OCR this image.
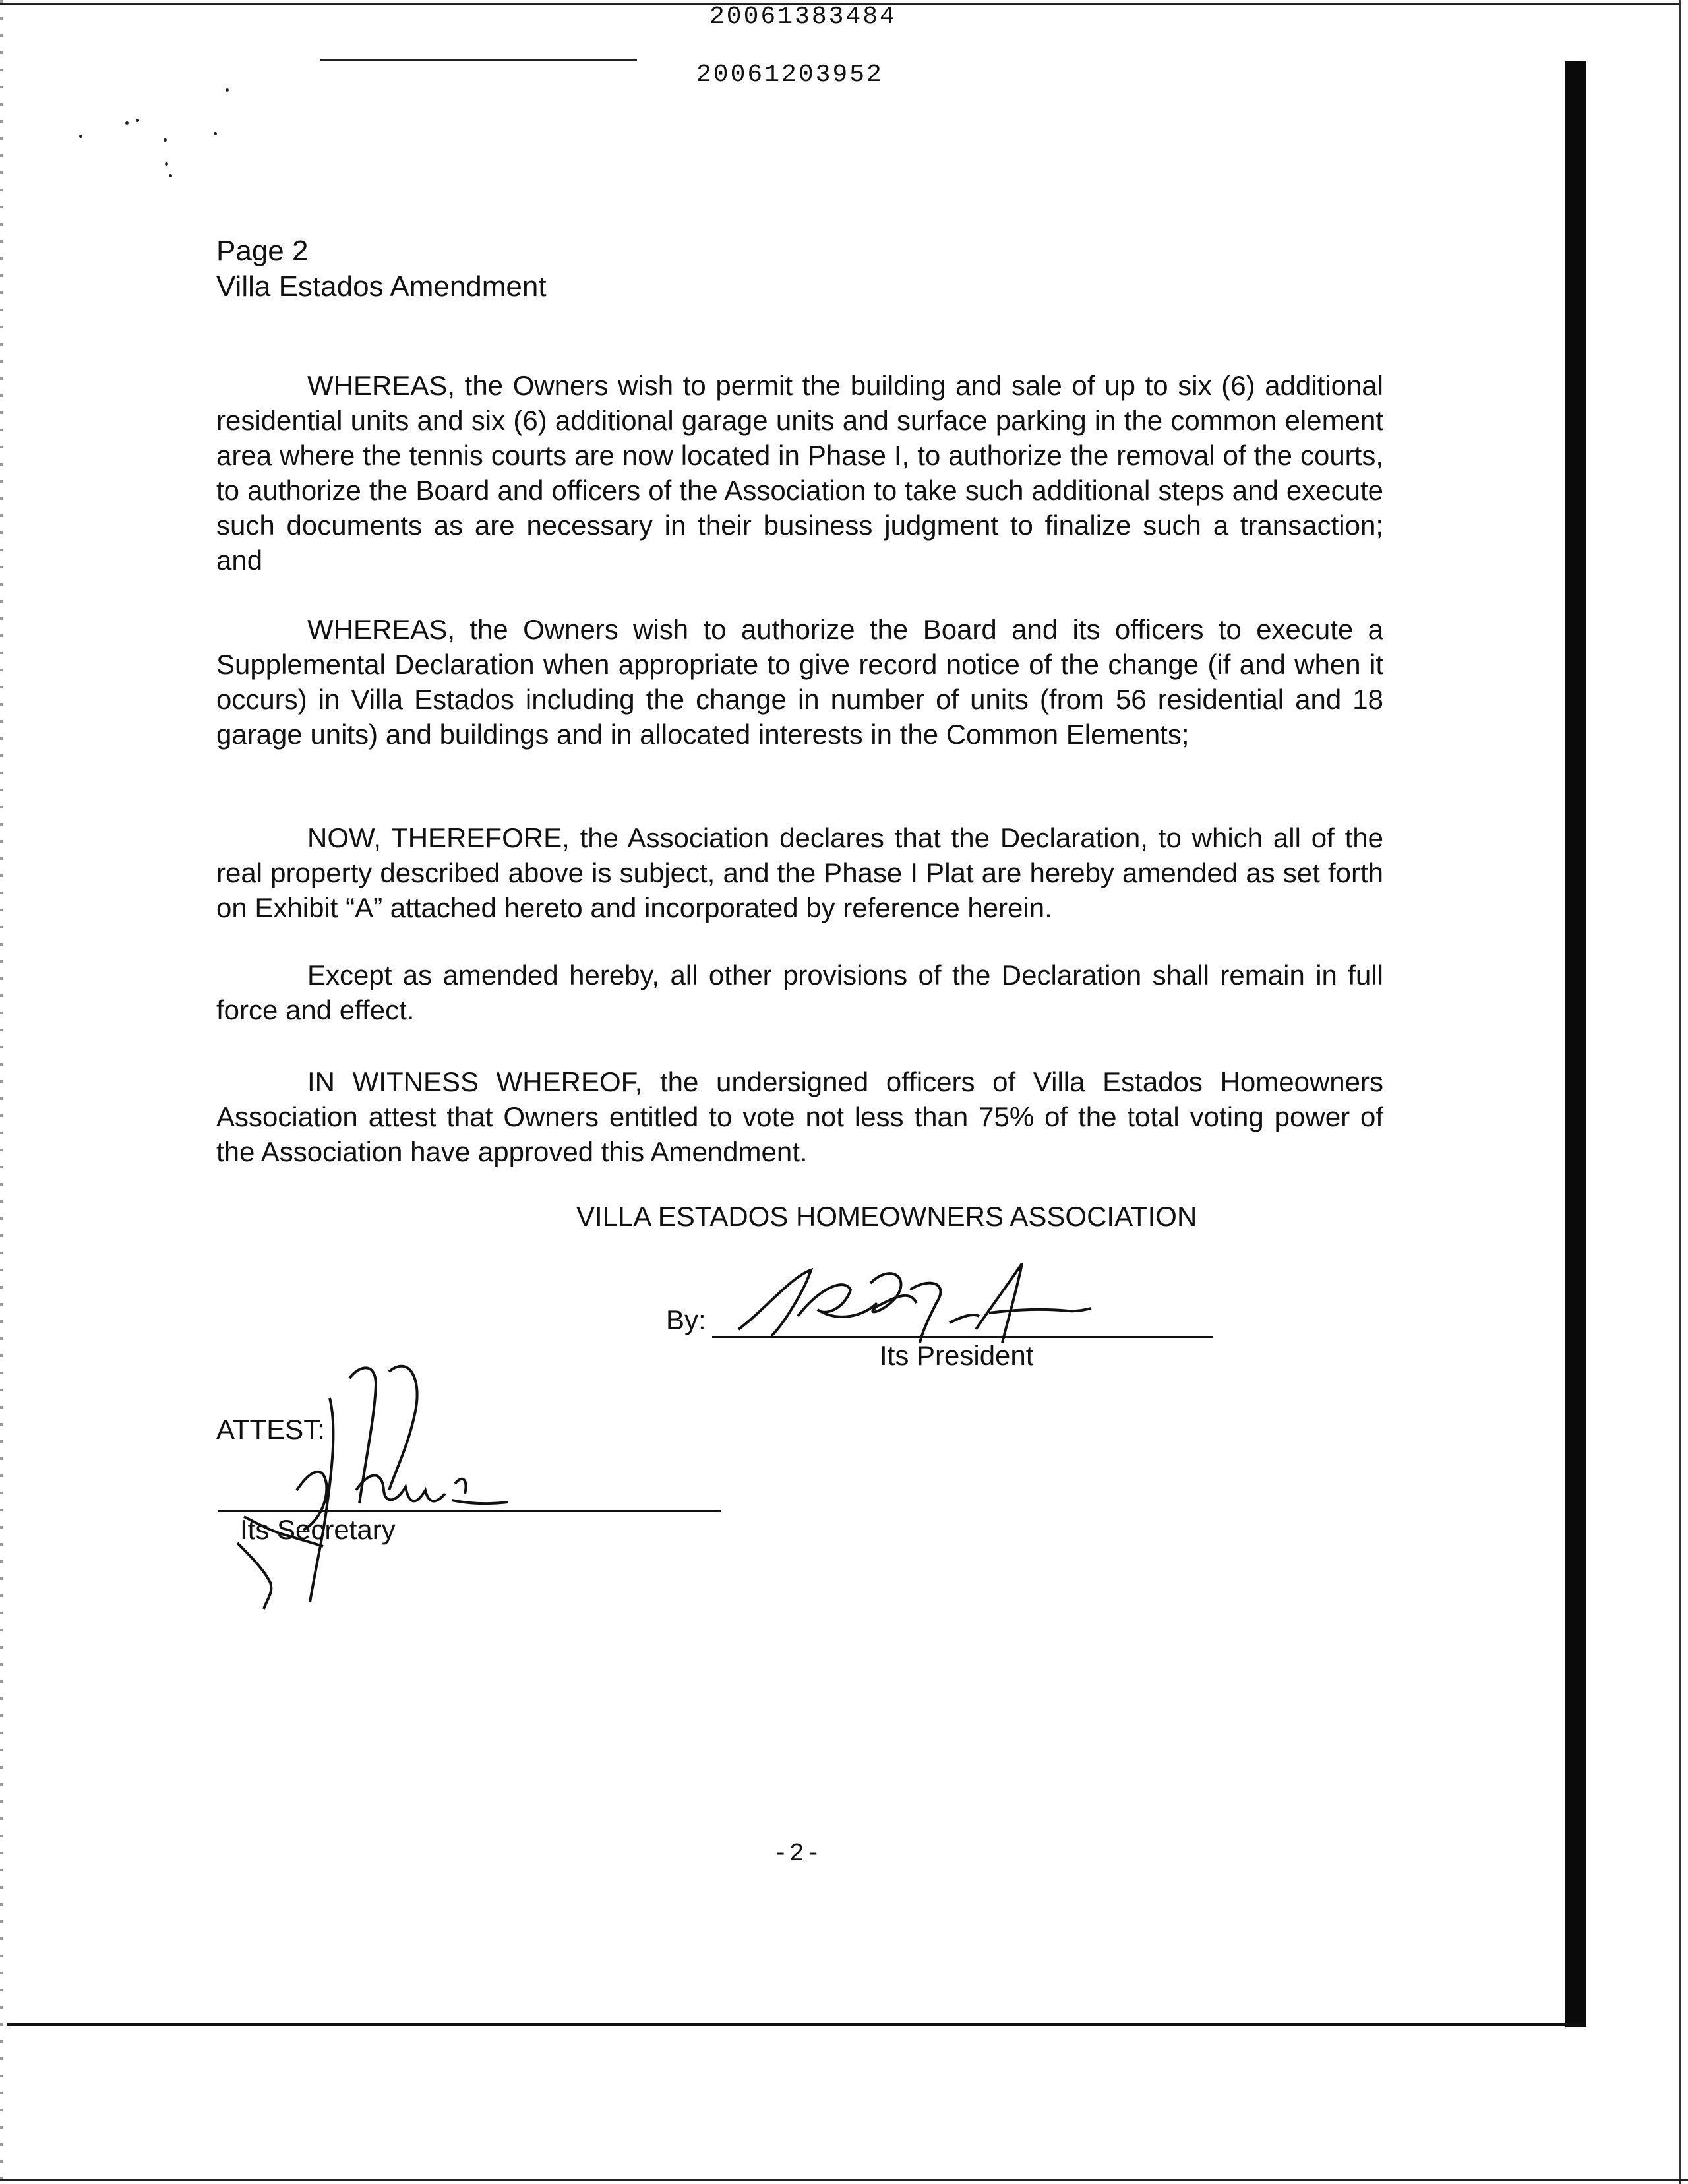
20061383484
20061203952
Page 2
Villa Estados Amendment

WHEREAS, the Owners wish to permit the building and sale of up to six (6) additional residential units and six (6) additional garage units and surface parking in the common element area where the tennis courts are now located in Phase I, to authorize the removal of the courts, to authorize the Board and officers of the Association to take such additional steps and execute such documents as are necessary in their business judgment to finalize such a transaction; and

WHEREAS, the Owners wish to authorize the Board and its officers to execute a Supplemental Declaration when appropriate to give record notice of the change (if and when it occurs) in Villa Estados including the change in number of units (from 56 residential and 18 garage units) and buildings and in allocated interests in the Common Elements;

NOW, THEREFORE, the Association declares that the Declaration, to which all of the real property described above is subject, and the Phase I Plat are hereby amended as set forth on Exhibit “A” attached hereto and incorporated by reference herein.

Except as amended hereby, all other provisions of the Declaration shall remain in full force and effect.

IN WITNESS WHEREOF, the undersigned officers of Villa Estados Homeowners Association attest that Owners entitled to vote not less than 75% of the total voting power of the Association have approved this Amendment.

VILLA ESTADOS HOMEOWNERS ASSOCIATION
By:
Its President
ATTEST:
Its Secretary
-2-
